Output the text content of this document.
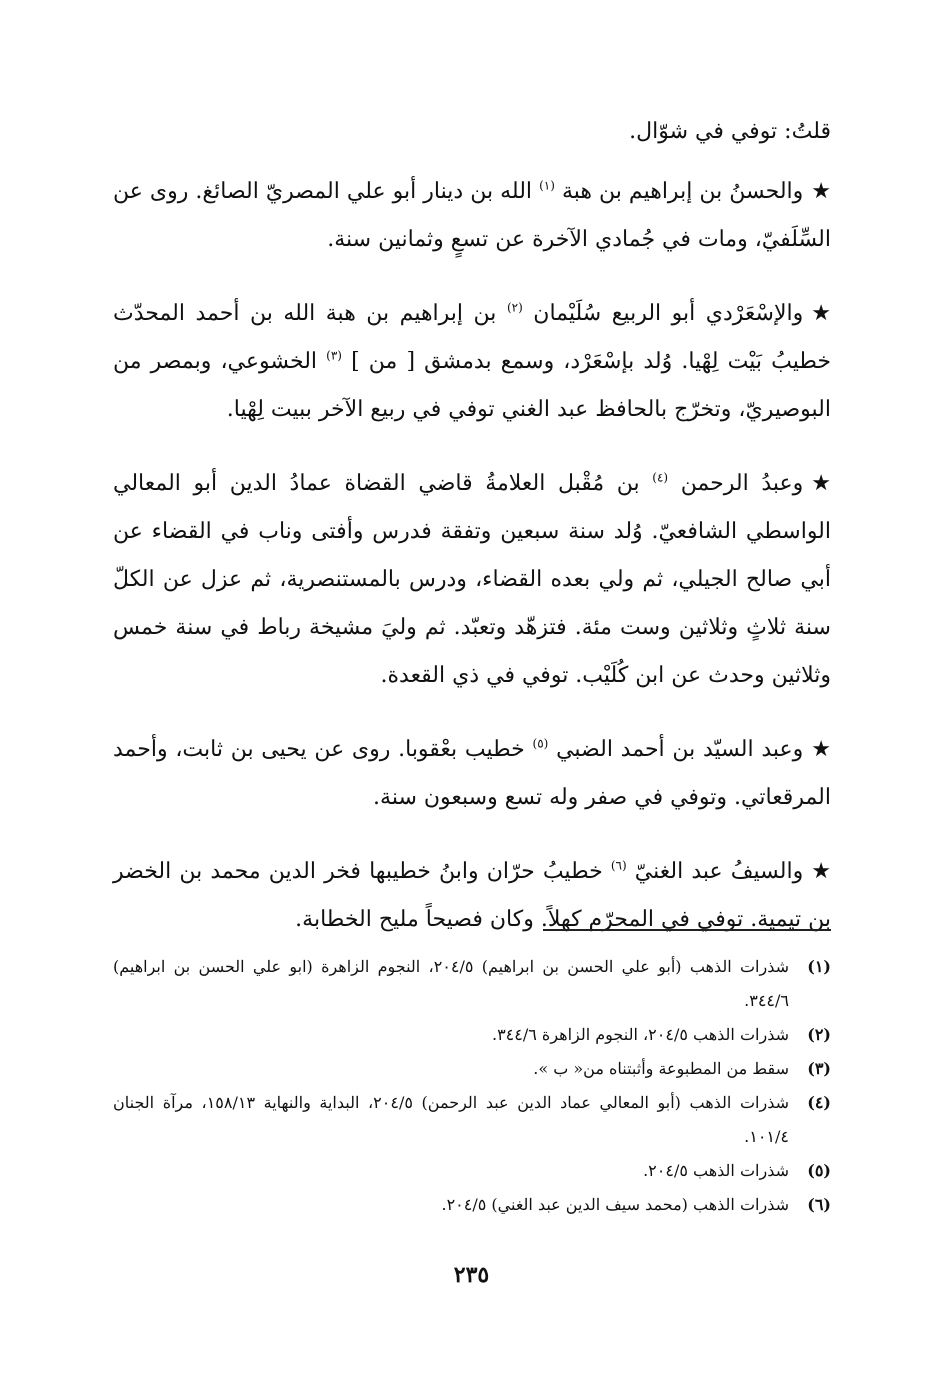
قلتُ: توفي في شوّال.

★والحسنُ بن إبراهيم بن هبة $^{(١)}$ الله بن دينار أبو علي المصريّ الصائغ. روى عن السِّلَفيّ، ومات في جُمادي الآخرة عن تسعٍ وثمانين سنة.

★والإسْعَرْدي أبو الربيع سُلَيْمان $^{(٢)}$ بن إبراهيم بن هبة الله بن أحمد المحدّث خطيبُ بَيْت لِهْيا. وُلد بإسْعَرْد، وسمع بدمشق [ من ] $^{(٣)}$ الخشوعي، وبمصر من البوصيريّ، وتخرّج بالحافظ عبد الغني توفي في ربيع الآخر ببيت لِهْيا.

★وعبدُ الرحمن $^{(٤)}$ بن مُقْبل العلامةُ قاضي القضاة عمادُ الدين أبو المعالي الواسطي الشافعيّ. وُلد سنة سبعين وتفقة فدرس وأفتى وناب في القضاء عن أبي صالح الجيلي، ثم ولي بعده القضاء، ودرس بالمستنصرية، ثم عزل عن الكلّ سنة ثلاثٍ وثلاثين وست مئة. فتزهّد وتعبّد. ثم وليَ مشيخة رباط في سنة خمس وثلاثين وحدث عن ابن كُلَيْب. توفي في ذي القعدة.

★وعبد السيّد بن أحمد الضبي $^{(٥)}$ خطيب بعْقوبا. روى عن يحيى بن ثابت، وأحمد المرقعاتي. وتوفي في صفر وله تسع وسبعون سنة.

★والسيفُ عبد الغنيّ $^{(٦)}$ خطيبُ حرّان وابنُ خطيبها فخر الدين محمد بن الخضر بن تيمية. توفي في المحرّم كهلاً. وكان فصيحاً مليح الخطابة.

(١)
شذرات الذهب (أبو علي الحسن بن ابراهيم) ٢٠٤/٥، النجوم الزاهرة (ابو علي الحسن بن ابراهيم) ٣٤٤/٦.
(٢)
شذرات الذهب ٢٠٤/٥، النجوم الزاهرة ٣٤٤/٦.
(٣)
سقط من المطبوعة وأثبتناه من« ب ».
(٤)
شذرات الذهب (أبو المعالي عماد الدين عبد الرحمن) ٢٠٤/٥، البداية والنهاية ١٥٨/١٣، مرآة الجنان ١٠١/٤.
(٥)
شذرات الذهب ٢٠٤/٥.
(٦)
شذرات الذهب (محمد سيف الدين عبد الغني) ٢٠٤/٥.
٢٣٥
